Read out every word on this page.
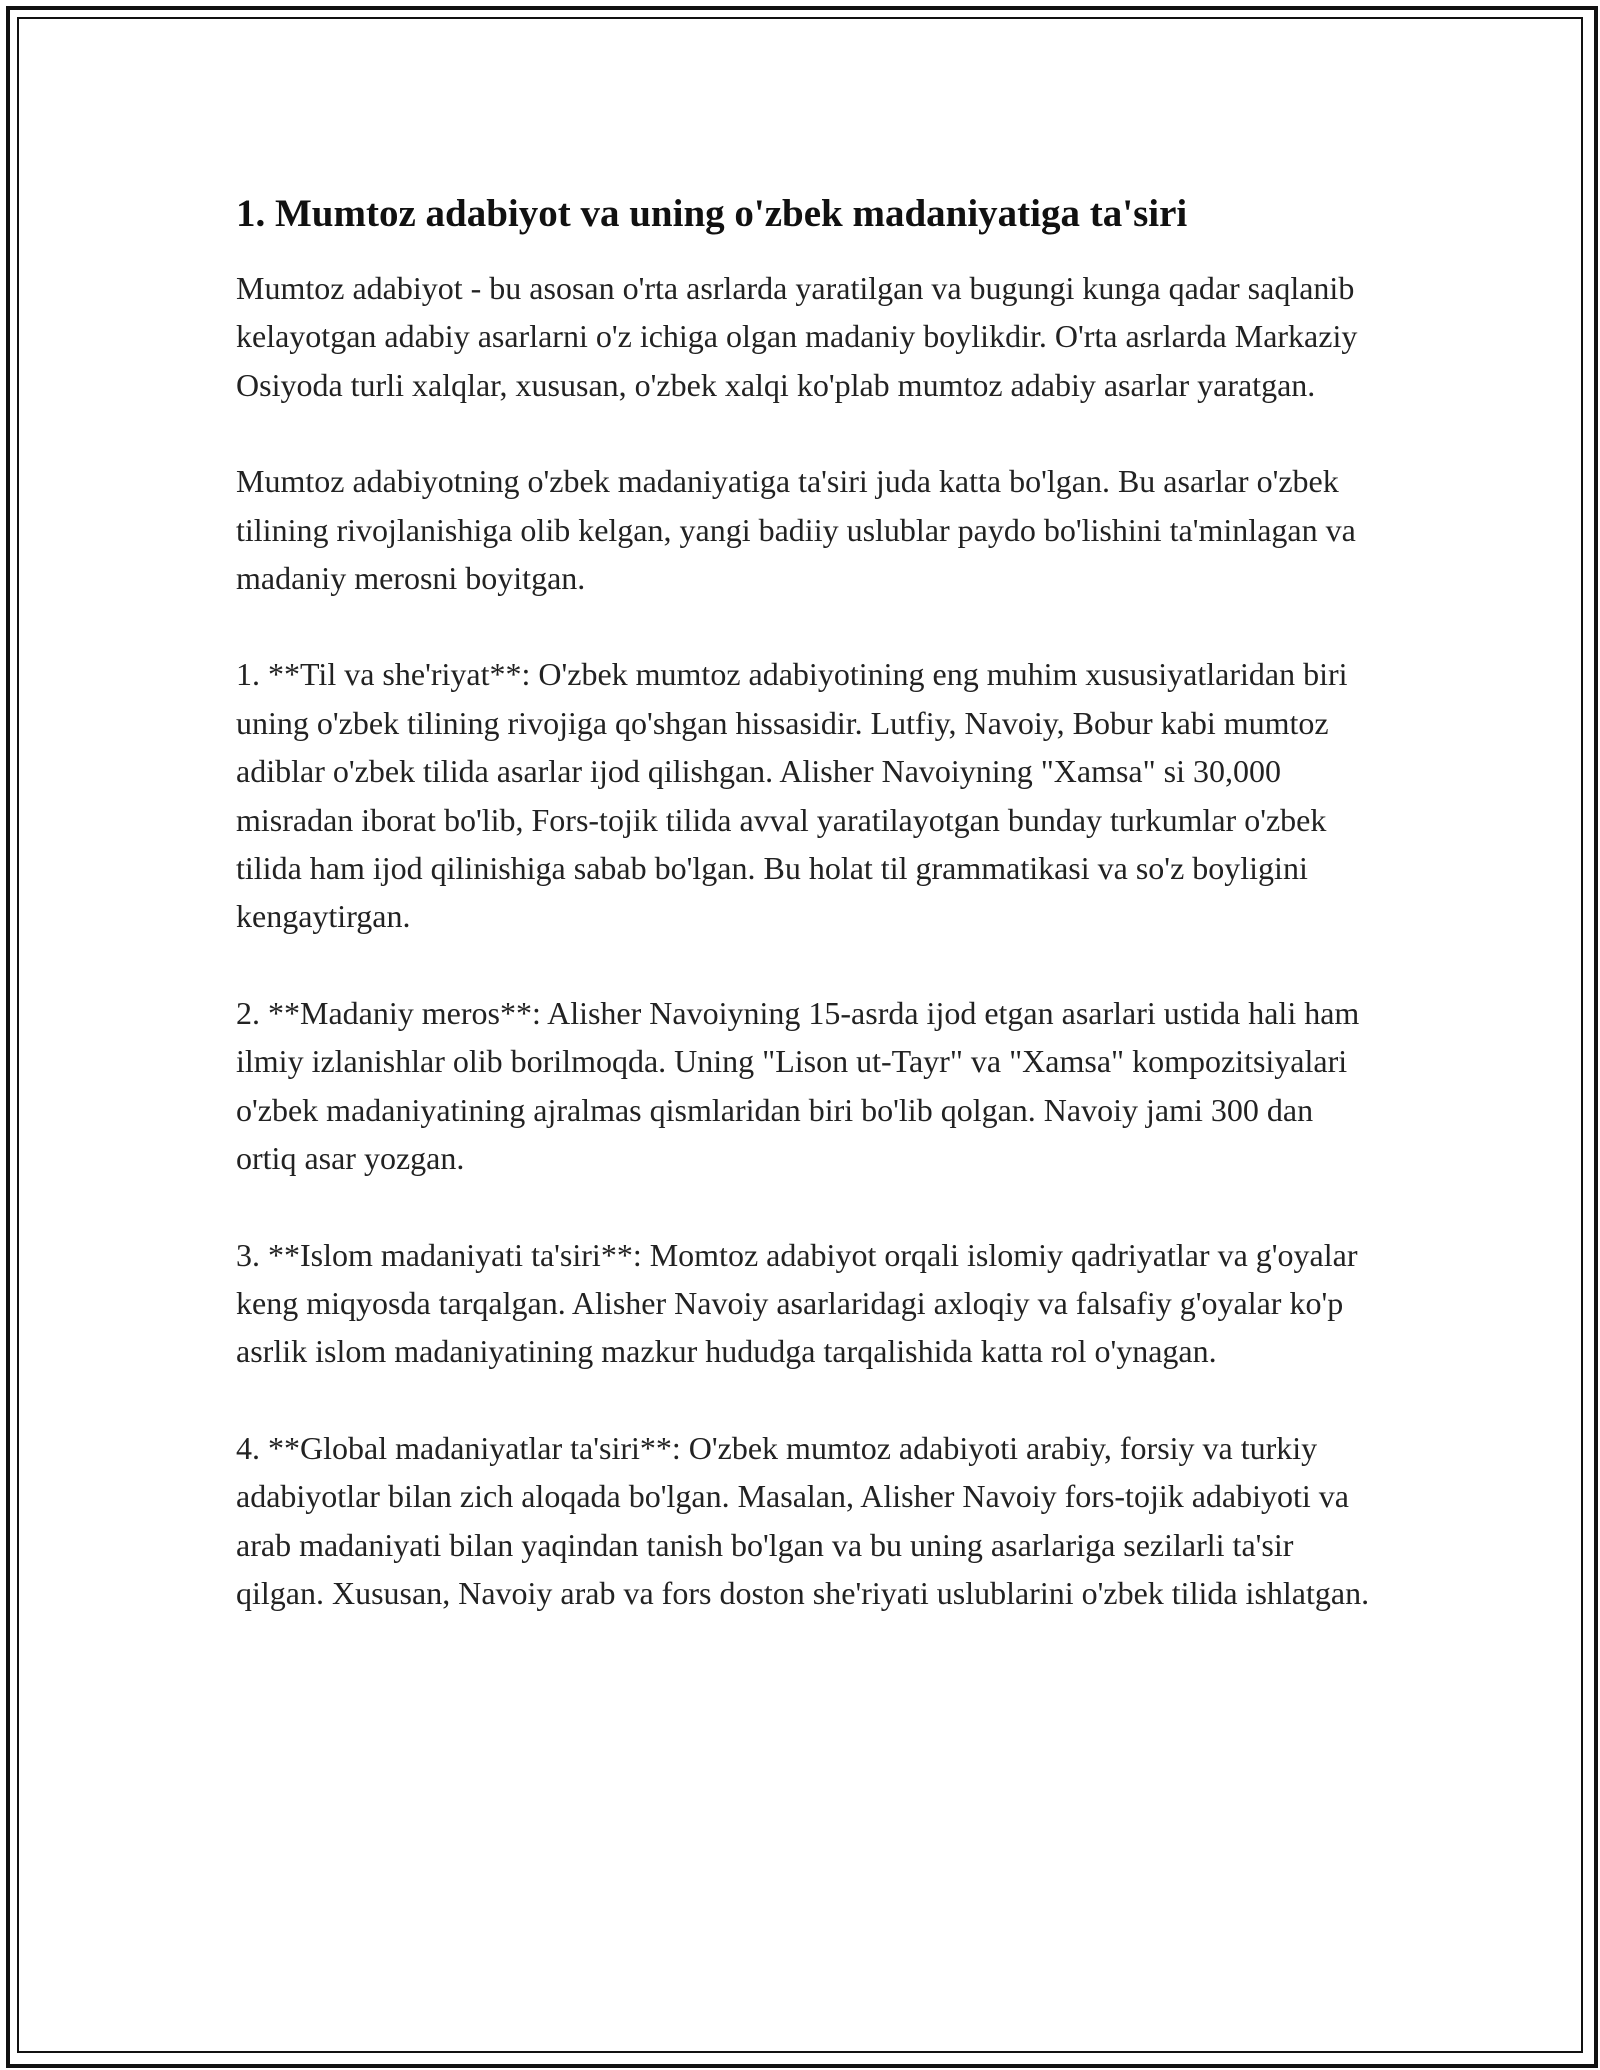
1. Mumtoz adabiyot va uning o'zbek madaniyatiga ta'siri

Mumtoz adabiyot - bu asosan o'rta asrlarda yaratilgan va bugungi kunga qadar saqlanib kelayotgan adabiy asarlarni o'z ichiga olgan madaniy boylikdir. O'rta asrlarda Markaziy Osiyoda turli xalqlar, xususan, o'zbek xalqi ko'plab mumtoz adabiy asarlar yaratgan.

Mumtoz adabiyotning o'zbek madaniyatiga ta'siri juda katta bo'lgan. Bu asarlar o'zbek tilining rivojlanishiga olib kelgan, yangi badiiy uslublar paydo bo'lishini ta'minlagan va madaniy merosni boyitgan.

1. **Til va she'riyat**: O'zbek mumtoz adabiyotining eng muhim xususiyatlaridan biri uning o'zbek tilining rivojiga qo'shgan hissasidir. Lutfiy, Navoiy, Bobur kabi mumtoz adiblar o'zbek tilida asarlar ijod qilishgan. Alisher Navoiyning "Xamsa" si 30,000 misradan iborat bo'lib, Fors-tojik tilida avval yaratilayotgan bunday turkumlar o'zbek tilida ham ijod qilinishiga sabab bo'lgan. Bu holat til grammatikasi va so'z boyligini kengaytirgan.

2. **Madaniy meros**: Alisher Navoiyning 15-asrda ijod etgan asarlari ustida hali ham ilmiy izlanishlar olib borilmoqda. Uning "Lison ut-Tayr" va "Xamsa" kompozitsiyalari o'zbek madaniyatining ajralmas qismlaridan biri bo'lib qolgan. Navoiy jami 300 dan ortiq asar yozgan.

3. **Islom madaniyati ta'siri**: Momtoz adabiyot orqali islomiy qadriyatlar va g'oyalar keng miqyosda tarqalgan. Alisher Navoiy asarlaridagi axloqiy va falsafiy g'oyalar ko'p asrlik islom madaniyatining mazkur hududga tarqalishida katta rol o'ynagan.

4. **Global madaniyatlar ta'siri**: O'zbek mumtoz adabiyoti arabiy, forsiy va turkiy adabiyotlar bilan zich aloqada bo'lgan. Masalan, Alisher Navoiy fors-tojik adabiyoti va arab madaniyati bilan yaqindan tanish bo'lgan va bu uning asarlariga sezilarli ta'sir qilgan. Xususan, Navoiy arab va fors doston she'riyati uslublarini o'zbek tilida ishlatgan.
